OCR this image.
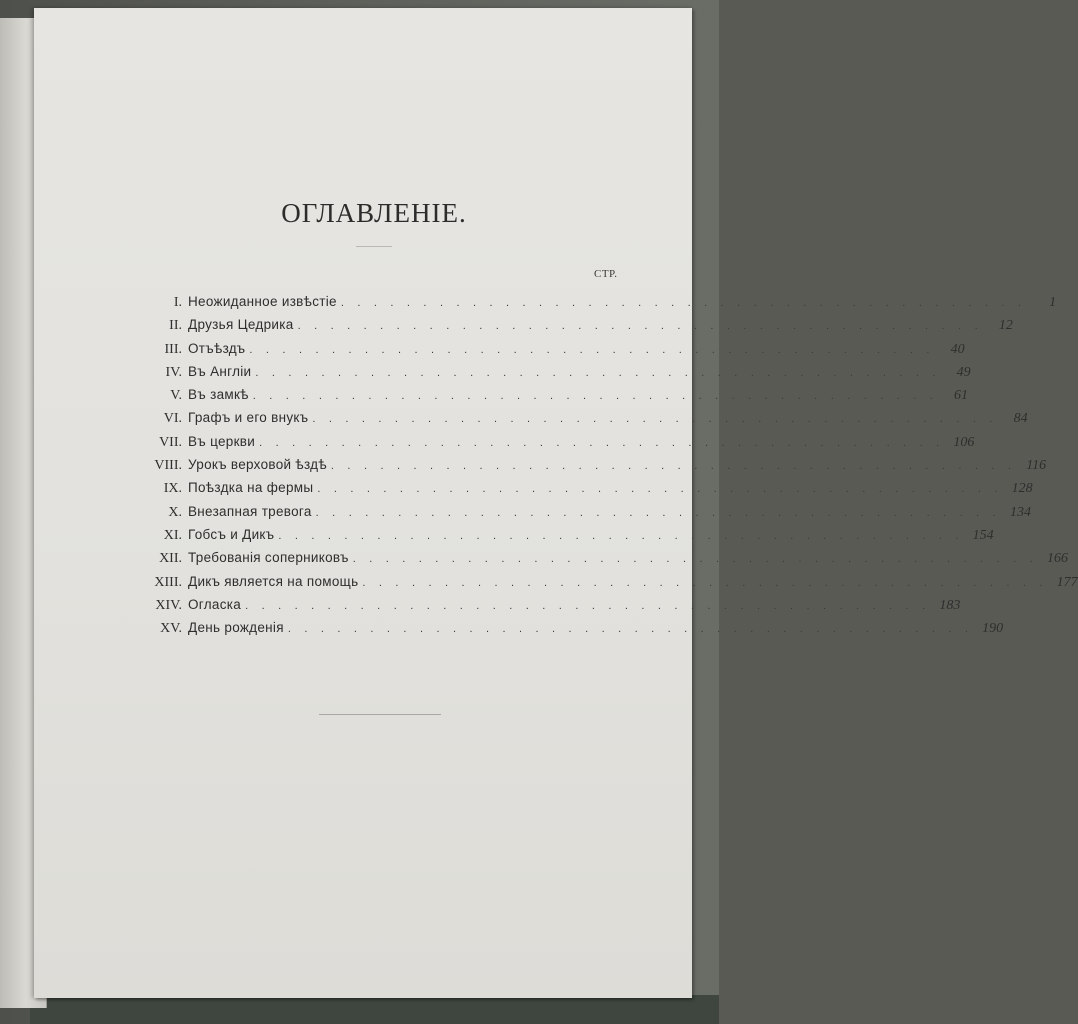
ОГЛАВЛЕНІЕ.
СТР.
I. Неожиданное извѣстіе . . . . . . . . . . . . . . . . . . . . . . . . . . . . . . . . . . . . . . . . . .	1
II. Друзья Цедрика . . . . . . . . . . . . . . . . . . . . . . . . . . . . . . . . . . . . . . . . . .	12
III. Отъѣздъ . . . . . . . . . . . . . . . . . . . . . . . . . . . . . . . . . . . . . . . . . .	40
IV. Въ Англіи . . . . . . . . . . . . . . . . . . . . . . . . . . . . . . . . . . . . . . . . . .	49
V. Въ замкѣ . . . . . . . . . . . . . . . . . . . . . . . . . . . . . . . . . . . . . . . . . .	61
VI. Графъ и его внукъ . . . . . . . . . . . . . . . . . . . . . . . . . . . . . . . . . . . . . . . . . .	84
VII. Въ церкви . . . . . . . . . . . . . . . . . . . . . . . . . . . . . . . . . . . . . . . . . . 106
VIII. Урокъ верховой ѣздѣ . . . . . . . . . . . . . . . . . . . . . . . . . . . . . . . . . . . . . . . . . . 116
IX. Поѣздка на фермы . . . . . . . . . . . . . . . . . . . . . . . . . . . . . . . . . . . . . . . . . . 128
X. Внезапная тревога . . . . . . . . . . . . . . . . . . . . . . . . . . . . . . . . . . . . . . . . . . 134
XI. Гобсъ и Дикъ . . . . . . . . . . . . . . . . . . . . . . . . . . . . . . . . . . . . . . . . . . 154
XII. Требованія соперниковъ . . . . . . . . . . . . . . . . . . . . . . . . . . . . . . . . . . . . . . . . . . 166
XIII. Дикъ является на помощь . . . . . . . . . . . . . . . . . . . . . . . . . . . . . . . . . . . . . . . . . . 177
XIV. Огласка . . . . . . . . . . . . . . . . . . . . . . . . . . . . . . . . . . . . . . . . . . 183
XV. День рожденія . . . . . . . . . . . . . . . . . . . . . . . . . . . . . . . . . . . . . . . . . . 190
